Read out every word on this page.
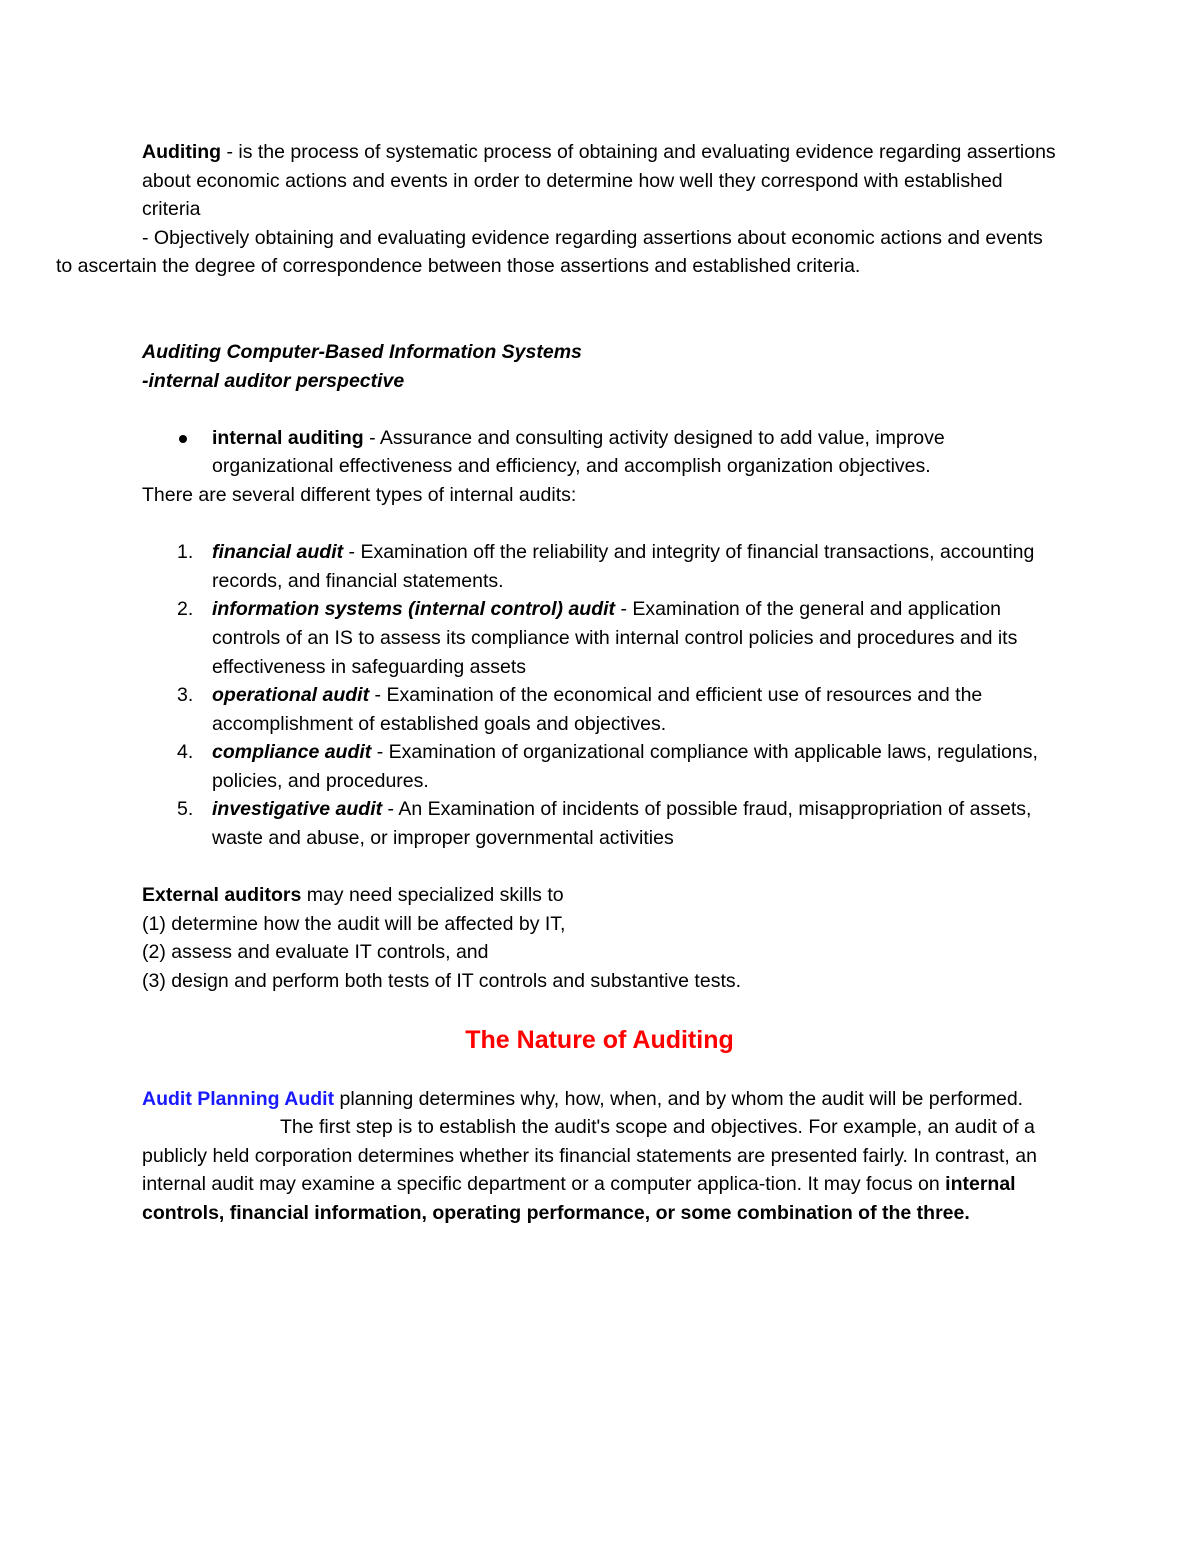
Auditing - is the process of systematic process of obtaining and evaluating evidence regarding assertions about economic actions and events in order to determine how well they correspond with established criteria

- Objectively obtaining and evaluating evidence regarding assertions about economic actions and events to ascertain the degree of correspondence between those assertions and established criteria.

Auditing Computer-Based Information Systems

-internal auditor perspective

internal auditing - Assurance and consulting activity designed to add value, improve organizational effectiveness and efficiency, and accomplish organization objectives.

There are several different types of internal audits:

1. financial audit - Examination off the reliability and integrity of financial transactions, accounting records, and financial statements.
2. information systems (internal control) audit - Examination of the general and application controls of an IS to assess its compliance with internal control policies and procedures and its effectiveness in safeguarding assets
3. operational audit - Examination of the economical and efficient use of resources and the accomplishment of established goals and objectives.
4. compliance audit - Examination of organizational compliance with applicable laws, regulations, policies, and procedures.
5. investigative audit - An Examination of incidents of possible fraud, misappropriation of assets, waste and abuse, or improper governmental activities

External auditors may need specialized skills to

(1) determine how the audit will be affected by IT,

(2) assess and evaluate IT controls, and

(3) design and perform both tests of IT controls and substantive tests.

The Nature of Auditing

Audit Planning Audit planning determines why, how, when, and by whom the audit will be performed.

The first step is to establish the audit's scope and objectives. For example, an audit of a publicly held corporation determines whether its financial statements are presented fairly. In contrast, an internal audit may examine a specific department or a computer applica-tion. It may focus on internal controls, financial information, operating performance, or some combination of the three.
